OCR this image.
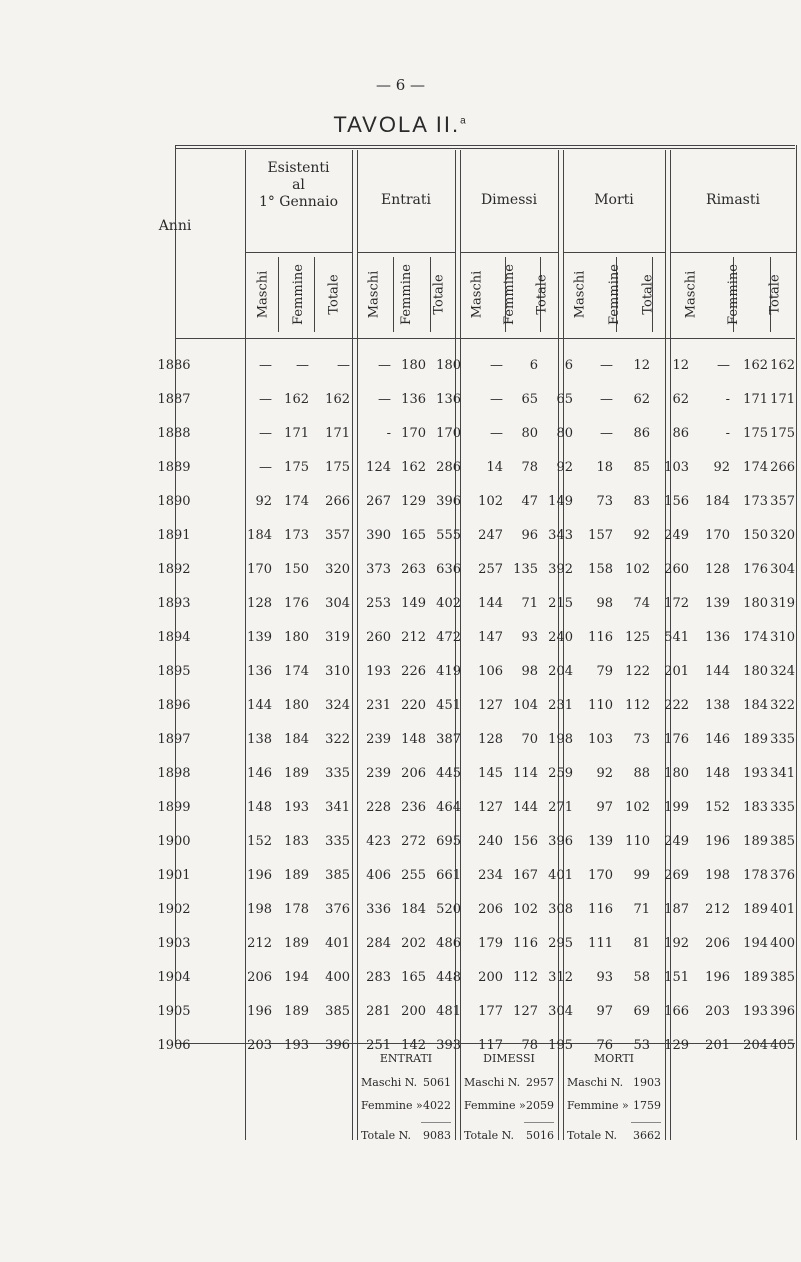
— 6 —
TAVOLA II.$^a$
Anni
Esistenti
al
1° Gennaio
Maschi Femmine Totale
Entrati
Maschi Femmine Totale
Dimessi
Maschi Femmine Totale
Morti
Maschi Femmine Totale
Rimasti
Maschi Femmine Totale
1886	— — — — 180 180 — 6 6 — 12 12 — 162 162
1887	— 162 162 — 136 136 — 65 65 — 62 62	- 171 171
1888	— 171 171	- 170 170 — 80 80 — 86 86	- 175 175
1889	— 175 175 124 162 286 14 78 92 18 85 103 92 174 266
1890	92 174 266 267 129 396 102 47 149 73 83 156 184 173 357
1891	184 173 357 390 165 555 247 96 343 157 92 249 170 150 320
1892	170 150 320 373 263 636 257 135 392 158 102 260 128 176 304
1893	128 176 304 253 149 402 144 71 215 98 74 172 139 180 319
1894	139 180 319 260 212 472 147 93 240 116 125 541 136 174 310
1895	136 174 310 193 226 419 106 98 204 79 122 201 144 180 324
1896	144 180 324 231 220 451 127 104 231 110 112 222 138 184 322
1897	138 184 322 239 148 387 128 70 198 103 73 176 146 189 335
1898	146 189 335 239 206 445 145 114 259 92 88 180 148 193 341
1899	148 193 341 228 236 464 127 144 271 97 102 199 152 183 335
1900	152 183 335 423 272 695 240 156 396 139 110 249 196 189 385
1901	196 189 385 406 255 661 234 167 401 170 99 269 198 178 376
1902	198 178 376 336 184 520 206 102 308 116 71 187 212 189 401
1903	212 189 401 284 202 486 179 116 295 111 81 192 206 194 400
1904	206 194 400 283 165 448 200 112 312 93 58 151 196 189 385
1905	196 189 385 281 200 481 177 127 304 97 69 166 203 193 396
1906	203 193 396 251 142 393 117 78 195 76 53 129 201 204 405
ENTRATI
Maschi N. 5061
Femmine » 4022
Totale N. 9083
DIMESSI
Maschi N. 2957
Femmine » 2059
Totale N. 5016
MORTI
Maschi N. 1903
Femmine » 1759
Totale N. 3662
